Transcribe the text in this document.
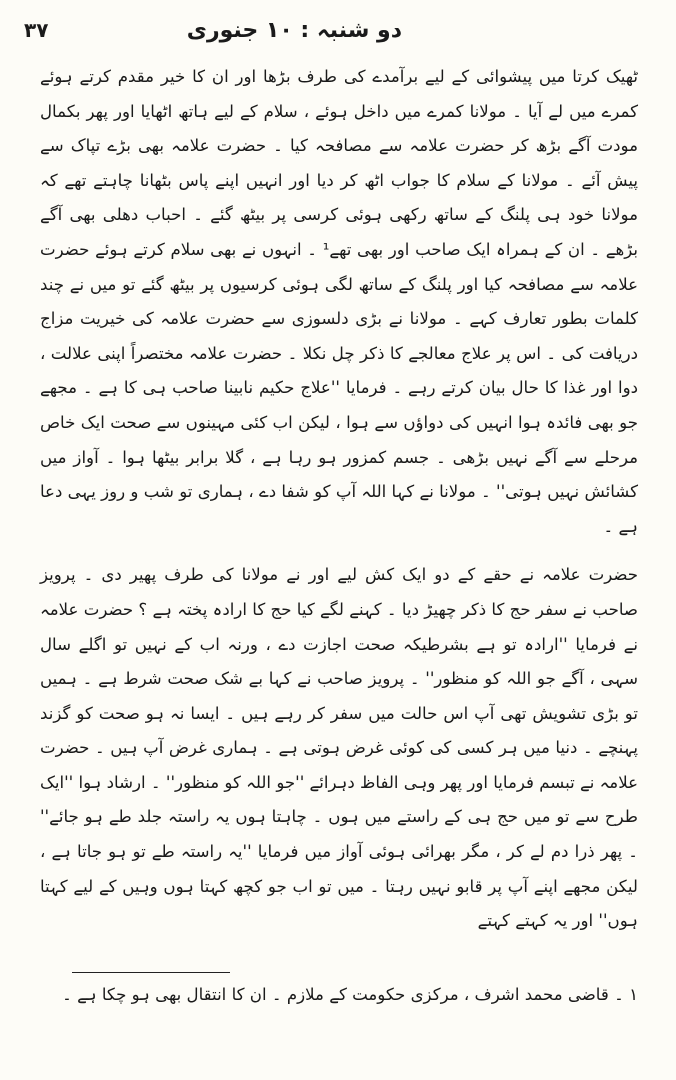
۳۷	دو شنبہ : ۱۰ جنوری

ٹھیک کرتا میں پیشوائی کے لیے برآمدے کی طرف بڑھا اور ان کا خیر مقدم کرتے ہوئے کمرے میں لے آیا ۔ مولانا کمرے میں داخل ہوئے ، سلام کے لیے ہاتھ اٹھایا اور پھر بکمال مودت آگے بڑھ کر حضرت علامہ سے مصافحہ کیا ۔ حضرت علامہ بھی بڑے تپاک سے پیش آئے ۔ مولانا کے سلام کا جواب اٹھ کر دیا اور انہیں اپنے پاس بٹھانا چاہتے تھے کہ مولانا خود ہی پلنگ کے ساتھ رکھی ہوئی کرسی پر بیٹھ گئے ۔ احباب دھلی بھی آگے بڑھے ۔ ان کے ہمراہ ایک صاحب اور بھی تھے¹ ۔ انہوں نے بھی سلام کرتے ہوئے حضرت علامہ سے مصافحہ کیا اور پلنگ کے ساتھ لگی ہوئی کرسیوں پر بیٹھ گئے تو میں نے چند کلمات بطور تعارف کہے ۔ مولانا نے بڑی دلسوزی سے حضرت علامہ کی خیریت مزاج دریافت کی ۔ اس پر علاج معالجے کا ذکر چل نکلا ۔ حضرت علامہ مختصراً اپنی علالت ، دوا اور غذا کا حال بیان کرتے رہے ۔ فرمایا ''علاج حکیم نابینا صاحب ہی کا ہے ۔ مجھے جو بھی فائدہ ہوا انہیں کی دواؤں سے ہوا ، لیکن اب کئی مہینوں سے صحت ایک خاص مرحلے سے آگے نہیں بڑھی ۔ جسم کمزور ہو رہا ہے ، گلا برابر بیٹھا ہوا ۔ آواز میں کشائش نہیں ہوتی'' ۔ مولانا نے کہا اللہ آپ کو شفا دے ، ہماری تو شب و روز یہی دعا ہے ۔

حضرت علامہ نے حقے کے دو ایک کش لیے اور نے مولانا کی طرف پھیر دی ۔ پرویز صاحب نے سفر حج کا ذکر چھیڑ دیا ۔ کہنے لگے کیا حج کا ارادہ پختہ ہے ؟ حضرت علامہ نے فرمایا ''ارادہ تو ہے بشرطیکہ صحت اجازت دے ، ورنہ اب کے نہیں تو اگلے سال سہی ، آگے جو اللہ کو منظور'' ۔ پرویز صاحب نے کہا بے شک صحت شرط ہے ۔ ہمیں تو بڑی تشویش تھی آپ اس حالت میں سفر کر رہے ہیں ۔ ایسا نہ ہو صحت کو گزند پہنچے ۔ دنیا میں ہر کسی کی کوئی غرض ہوتی ہے ۔ ہماری غرض آپ ہیں ۔ حضرت علامہ نے تبسم فرمایا اور پھر وہی الفاظ دہرائے ''جو اللہ کو منظور'' ۔ ارشاد ہوا ''ایک طرح سے تو میں حج ہی کے راستے میں ہوں ۔ چاہتا ہوں یہ راستہ جلد طے ہو جائے'' ۔ پھر ذرا دم لے کر ، مگر بھرائی ہوئی آواز میں فرمایا ''یہ راستہ طے تو ہو جاتا ہے ، لیکن مجھے اپنے آپ پر قابو نہیں رہتا ۔ میں تو اب جو کچھ کہتا ہوں وہیں کے لیے کہتا ہوں'' اور یہ کہتے کہتے

۱ ۔ قاضی محمد اشرف ، مرکزی حکومت کے ملازم ۔ ان کا انتقال بھی ہو چکا ہے ۔
